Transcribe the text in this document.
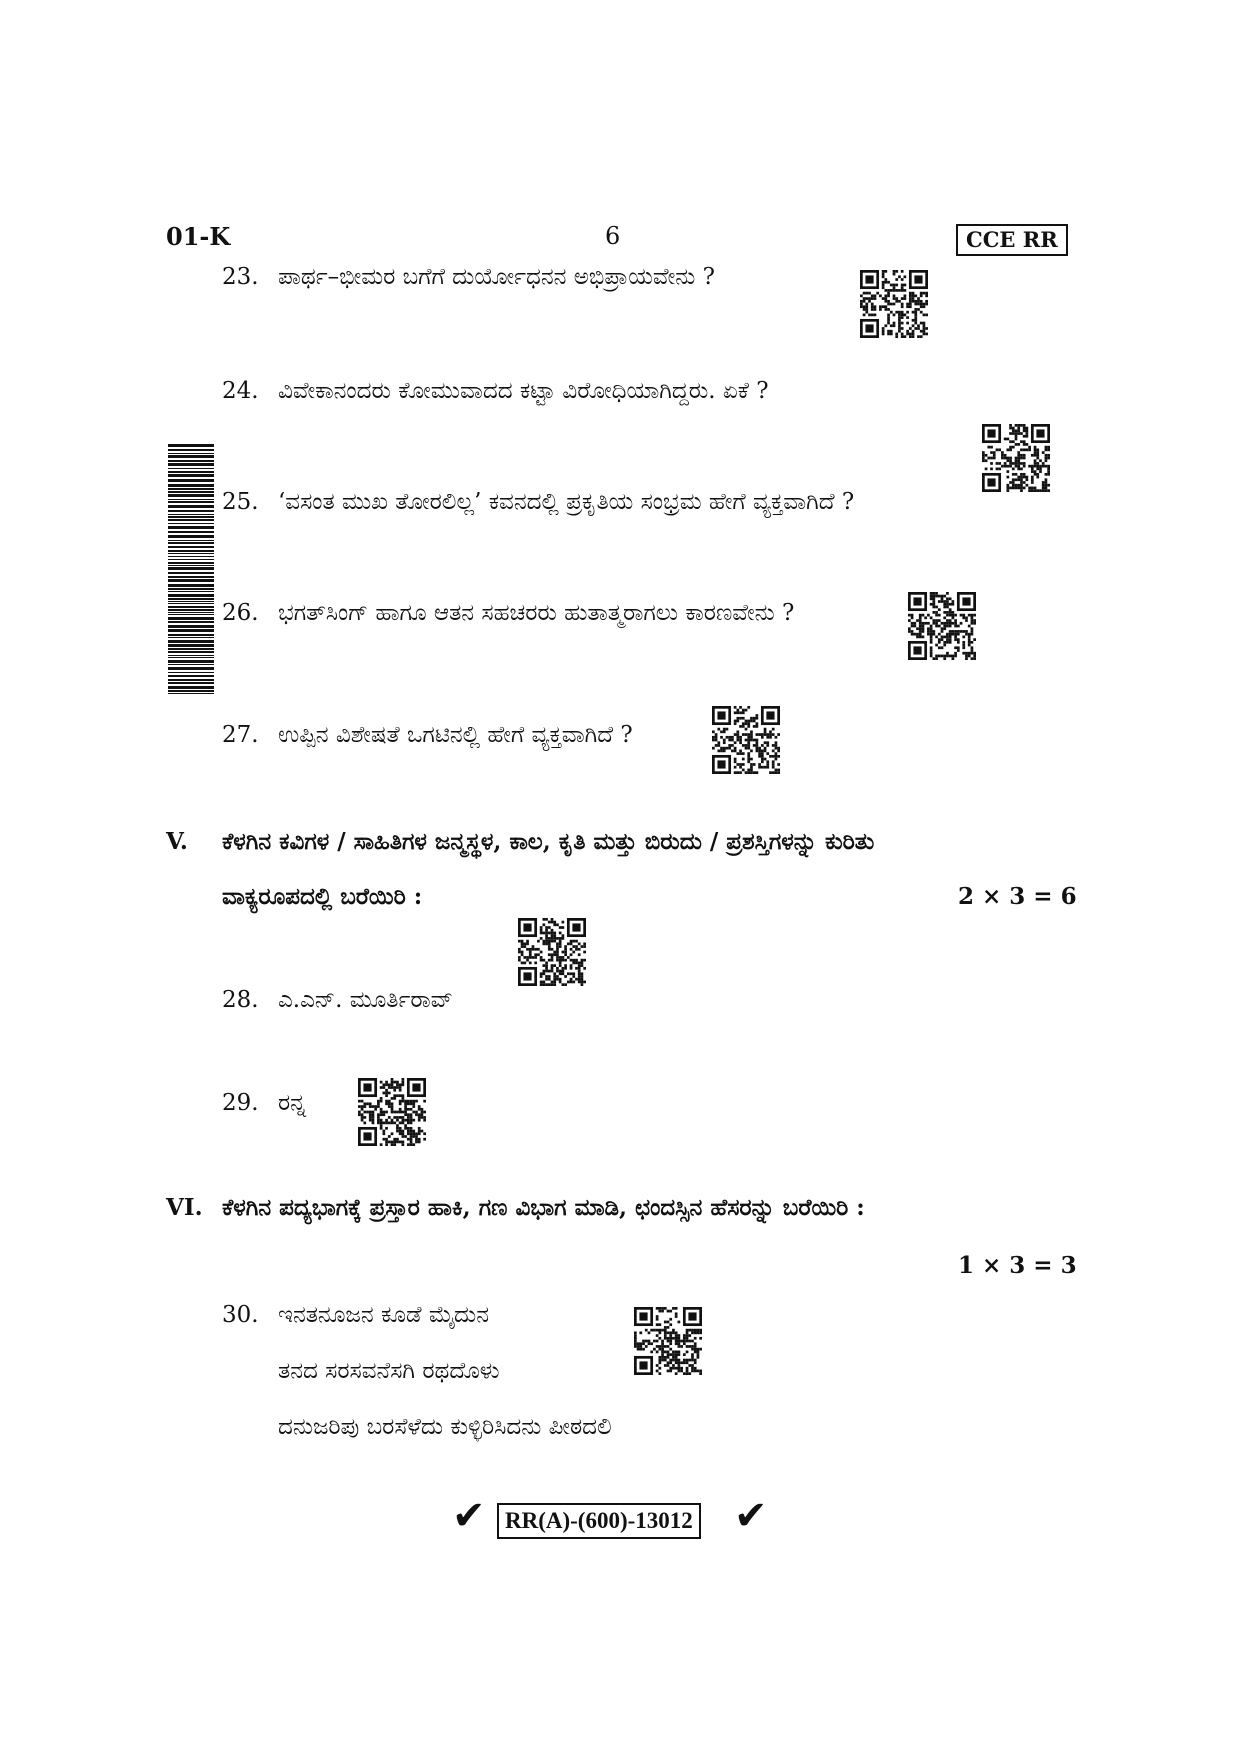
01-K	6	CCE RR
23. ಪಾರ್ಥ–ಭೀಮರ ಬಗೆಗೆ ದುರ್ಯೋಧನನ ಅಭಿಪ್ರಾಯವೇನು ?
24. ವಿವೇಕಾನಂದರು ಕೋಮುವಾದದ ಕಟ್ಟಾ ವಿರೋಧಿಯಾಗಿದ್ದರು. ಏಕೆ ?
25. ‘ವಸಂತ ಮುಖ ತೋರಲಿಲ್ಲ’ ಕವನದಲ್ಲಿ ಪ್ರಕೃತಿಯ ಸಂಭ್ರಮ ಹೇಗೆ ವ್ಯಕ್ತವಾಗಿದೆ ?
26. ಭಗತ್‌ಸಿಂಗ್ ಹಾಗೂ ಆತನ ಸಹಚರರು ಹುತಾತ್ಮರಾಗಲು ಕಾರಣವೇನು ?
27. ಉಪ್ಪಿನ ವಿಶೇಷತೆ ಒಗಟಿನಲ್ಲಿ ಹೇಗೆ ವ್ಯಕ್ತವಾಗಿದೆ ?
V. ಕೆಳಗಿನ ಕವಿಗಳ / ಸಾಹಿತಿಗಳ ಜನ್ಮಸ್ಥಳ, ಕಾಲ, ಕೃತಿ ಮತ್ತು ಬಿರುದು / ಪ್ರಶಸ್ತಿಗಳನ್ನು ಕುರಿತು
ವಾಕ್ಯರೂಪದಲ್ಲಿ ಬರೆಯಿರಿ :	2 × 3 = 6
28. ಎ.ಎನ್. ಮೂರ್ತಿರಾವ್
29. ರನ್ನ
VI. ಕೆಳಗಿನ ಪದ್ಯಭಾಗಕ್ಕೆ ಪ್ರಸ್ತಾರ ಹಾಕಿ, ಗಣ ವಿಭಾಗ ಮಾಡಿ, ಛಂದಸ್ಸಿನ ಹೆಸರನ್ನು ಬರೆಯಿರಿ :
1 × 3 = 3
30. ಇನತನೂಜನ ಕೂಡೆ ಮೈದುನ
ತನದ ಸರಸವನೆಸಗಿ ರಥದೊಳು
ದನುಜರಿಪು ಬರಸೆಳೆದು ಕುಳ್ಳಿರಿಸಿದನು ಪೀಠದಲಿ
✔ RR(A)-(600)-13012 ✔
